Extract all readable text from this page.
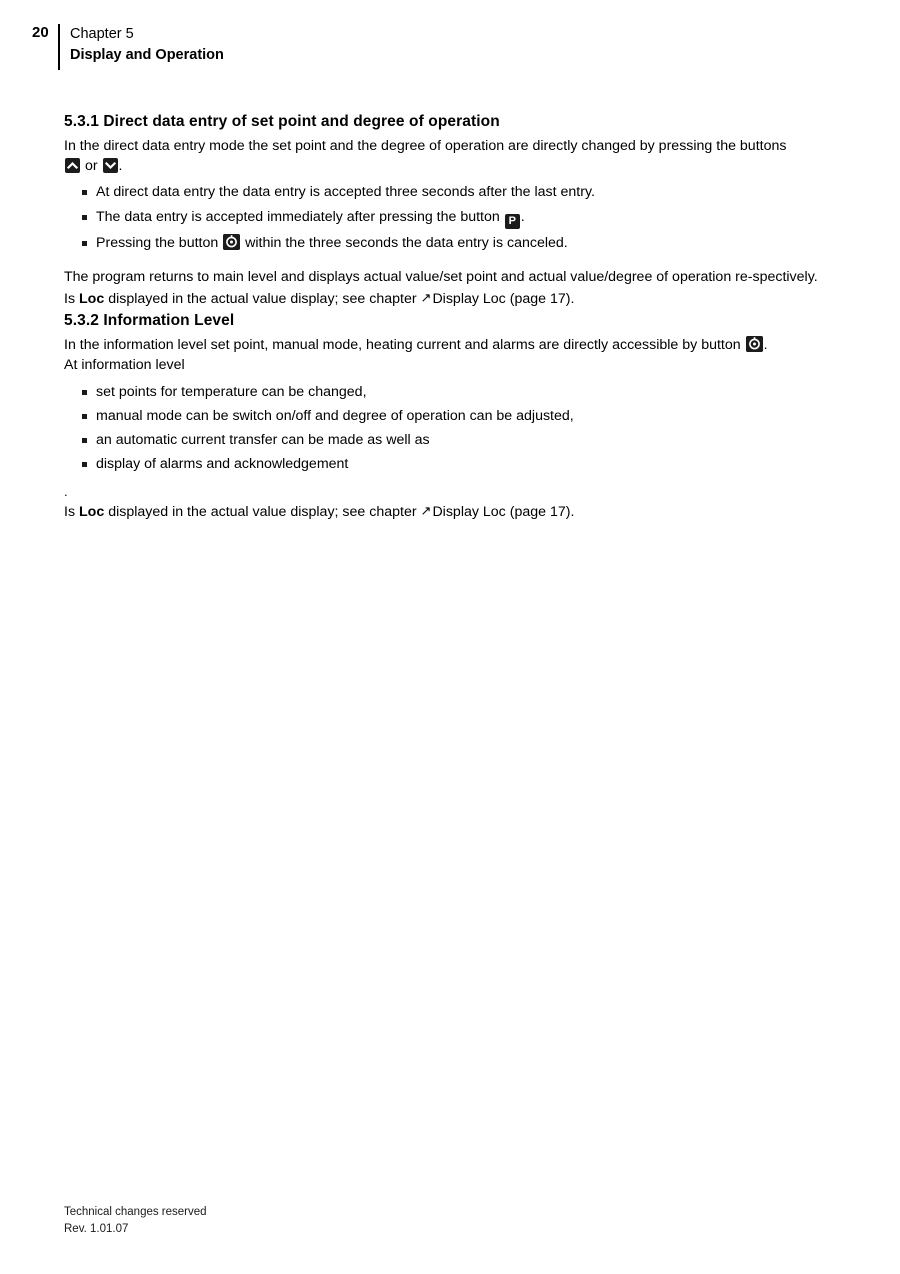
20	Chapter 5
Display and Operation
5.3.1 Direct data entry of set point and degree of operation

In the direct data entry mode the set point and the degree of operation are directly changed by pressing the buttons

or .

At direct data entry the data entry is accepted three seconds after the last entry.
The data entry is accepted immediately after pressing the button P .
Pressing the button within the three seconds the data entry is canceled.

The program returns to main level and displays actual value/set point and actual value/degree of operation re-spectively.

Is Loc displayed in the actual value display; see chapter ↗Display Loc (page 17).

5.3.2 Information Level

In the information level set point, manual mode, heating current and alarms are directly accessible by button .

At information level

set points for temperature can be changed,
manual mode can be switch on/off and degree of operation can be adjusted,
an automatic current transfer can be made as well as
display of alarms and acknowledgement
.

Is Loc displayed in the actual value display; see chapter ↗Display Loc (page 17).

Technical changes reserved
Rev. 1.01.07
